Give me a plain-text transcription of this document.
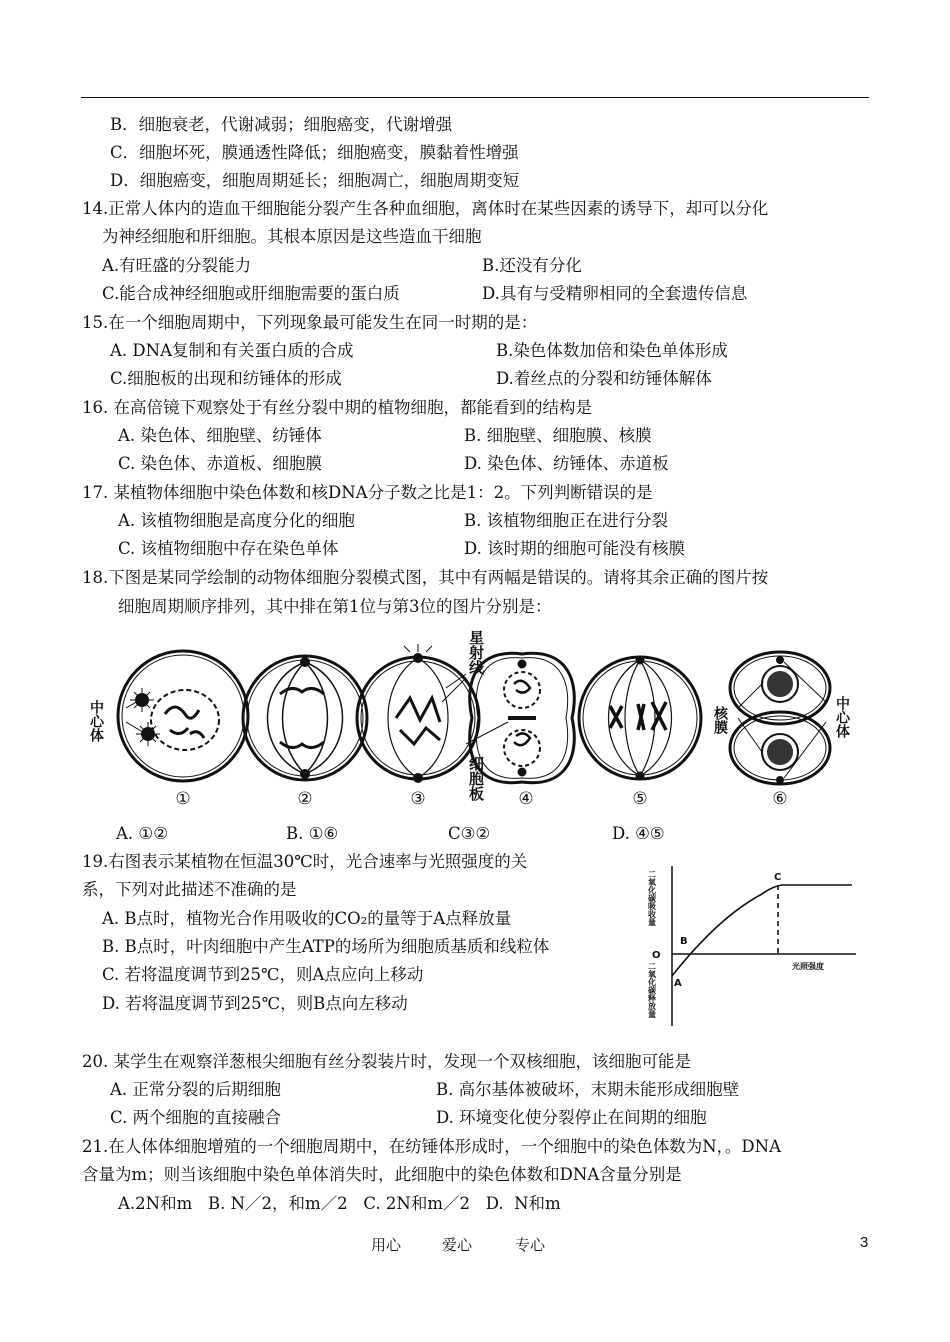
B．细胞衰老，代谢减弱；细胞癌变，代谢增强
C．细胞坏死，膜通透性降低；细胞癌变，膜黏着性增强
D．细胞癌变，细胞周期延长；细胞凋亡，细胞周期变短
14.正常人体内的造血干细胞能分裂产生各种血细胞，离体时在某些因素的诱导下，却可以分化
为神经细胞和肝细胞。其根本原因是这些造血干细胞
A.有旺盛的分裂能力	B.还没有分化
C.能合成神经细胞或肝细胞需要的蛋白质	D.具有与受精卵相同的全套遗传信息
15.在一个细胞周期中，下列现象最可能发生在同一时期的是：
A. DNA复制和有关蛋白质的合成	B.染色体数加倍和染色单体形成
C.细胞板的出现和纺锤体的形成	D.着丝点的分裂和纺锤体解体
16. 在高倍镜下观察处于有丝分裂中期的植物细胞，都能看到的结构是
A. 染色体、细胞壁、纺锤体	B. 细胞壁、细胞膜、核膜
C. 染色体、赤道板、细胞膜	D. 染色体、纺锤体、赤道板
17. 某植物体细胞中染色体数和核DNA分子数之比是1：2。下列判断错误的是
A. 该植物细胞是高度分化的细胞	B. 该植物细胞正在进行分裂
C. 该植物细胞中存在染色单体	D. 该时期的细胞可能没有核膜
18.下图是某同学绘制的动物体细胞分裂模式图，其中有两幅是错误的。请将其余正确的图片按
细胞周期顺序排列，其中排在第1位与第3位的图片分别是：
中心体
星射线
细胞板
核膜	中心体
①	②	③	④	⑤	⑥
A. ①②	B. ①⑥	C③②	D. ④⑤
19.右图表示某植物在恒温30℃时，光合速率与光照强度的关
系，下列对此描述不准确的是
A. B点时，植物光合作用吸收的CO₂的量等于A点释放量
B. B点时，叶肉细胞中产生ATP的场所为细胞质基质和线粒体
C. 若将温度调节到25℃，则A点应向上移动
D. 若将温度调节到25℃，则B点向左移动
二氧化碳吸收量
二氧化碳释放量	光照强度
O
A
B
C
20. 某学生在观察洋葱根尖细胞有丝分裂装片时，发现一个双核细胞，该细胞可能是
A. 正常分裂的后期细胞	B. 高尔基体被破坏，末期未能形成细胞壁
C. 两个细胞的直接融合	D. 环境变化使分裂停止在间期的细胞
21.在人体体细胞增殖的一个细胞周期中，在纺锤体形成时，一个细胞中的染色体数为N，。DNA
含量为m；则当该细胞中染色单体消失时，此细胞中的染色体数和DNA含量分别是
A.2N和m   B. N／2，和m／2   C. 2N和m／2   D.  N和m
用心	爱心	专心	3
